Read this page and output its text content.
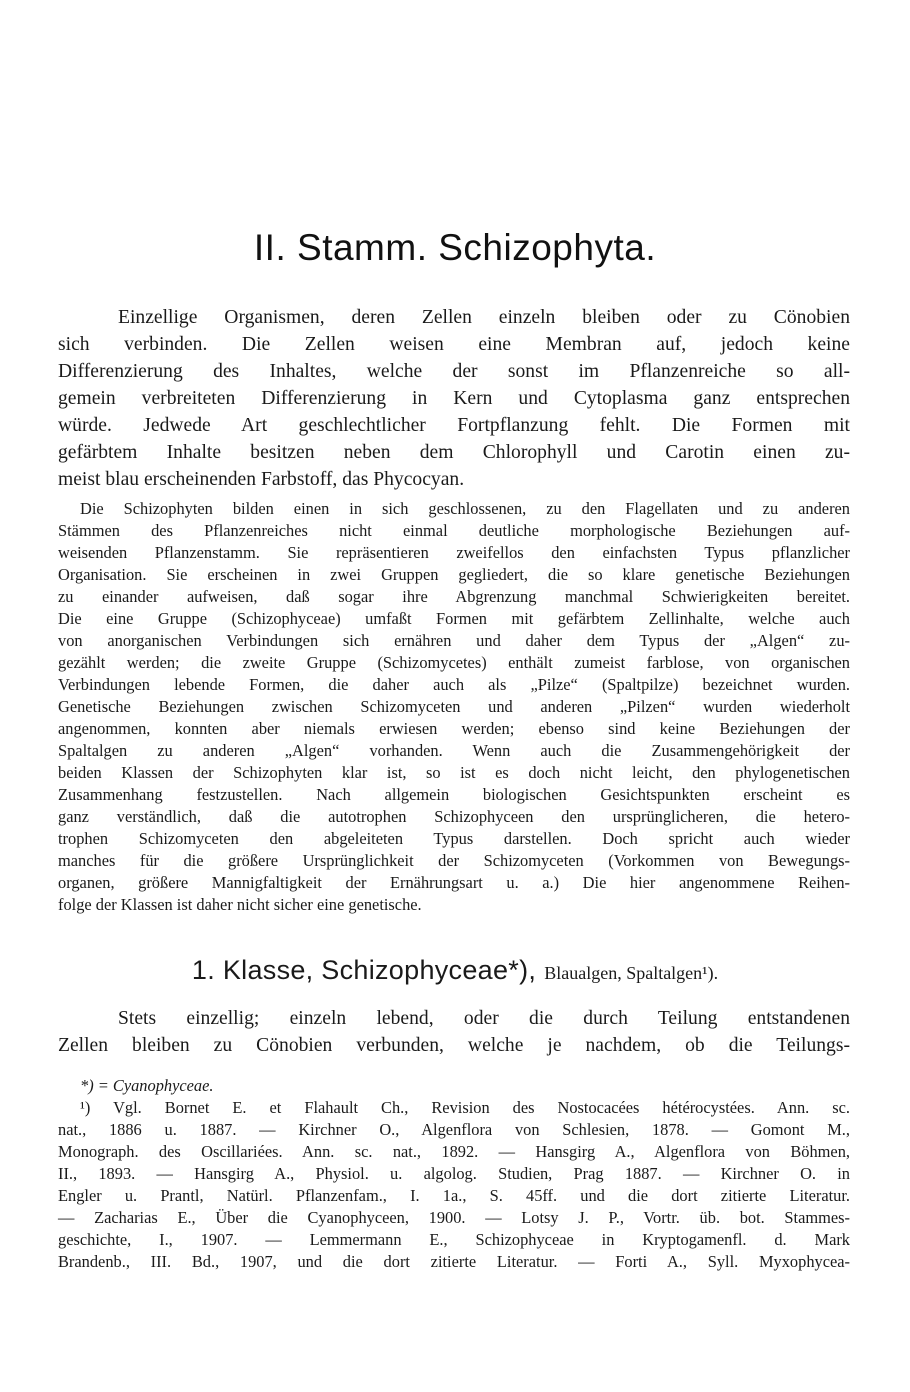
II. Stamm. Schizophyta.
Einzellige Organismen, deren Zellen einzeln bleiben oder zu Cönobien
sich verbinden. Die Zellen weisen eine Membran auf, jedoch keine
Differenzierung des Inhaltes, welche der sonst im Pflanzenreiche so all-
gemein verbreiteten Differenzierung in Kern und Cytoplasma ganz entsprechen
würde. Jedwede Art geschlechtlicher Fortpflanzung fehlt. Die Formen mit
gefärbtem Inhalte besitzen neben dem Chlorophyll und Carotin einen zu-
meist blau erscheinenden Farbstoff, das Phycocyan.
Die Schizophyten bilden einen in sich geschlossenen, zu den Flagellaten und zu anderen
Stämmen des Pflanzenreiches nicht einmal deutliche morphologische Beziehungen auf-
weisenden Pflanzenstamm. Sie repräsentieren zweifellos den einfachsten Typus pflanzlicher
Organisation. Sie erscheinen in zwei Gruppen gegliedert, die so klare genetische Beziehungen
zu einander aufweisen, daß sogar ihre Abgrenzung manchmal Schwierigkeiten bereitet.
Die eine Gruppe (Schizophyceae) umfaßt Formen mit gefärbtem Zellinhalte, welche auch
von anorganischen Verbindungen sich ernähren und daher dem Typus der „Algen“ zu-
gezählt werden; die zweite Gruppe (Schizomycetes) enthält zumeist farblose, von organischen
Verbindungen lebende Formen, die daher auch als „Pilze“ (Spaltpilze) bezeichnet wurden.
Genetische Beziehungen zwischen Schizomyceten und anderen „Pilzen“ wurden wiederholt
angenommen, konnten aber niemals erwiesen werden; ebenso sind keine Beziehungen der
Spaltalgen zu anderen „Algen“ vorhanden. Wenn auch die Zusammengehörigkeit der
beiden Klassen der Schizophyten klar ist, so ist es doch nicht leicht, den phylogenetischen
Zusammenhang festzustellen. Nach allgemein biologischen Gesichtspunkten erscheint es
ganz verständlich, daß die autotrophen Schizophyceen den ursprünglicheren, die hetero-
trophen Schizomyceten den abgeleiteten Typus darstellen. Doch spricht auch wieder
manches für die größere Ursprünglichkeit der Schizomyceten (Vorkommen von Bewegungs-
organen, größere Mannigfaltigkeit der Ernährungsart u. a.) Die hier angenommene Reihen-
folge der Klassen ist daher nicht sicher eine genetische.
1. Klasse, Schizophyceae*), Blaualgen, Spaltalgen¹).
Stets einzellig; einzeln lebend, oder die durch Teilung entstandenen
Zellen bleiben zu Cönobien verbunden, welche je nachdem, ob die Teilungs-
*) = Cyanophyceae.
¹) Vgl. Bornet E. et Flahault Ch., Revision des Nostocacées hétérocystées. Ann. sc.
nat., 1886 u. 1887. — Kirchner O., Algenflora von Schlesien, 1878. — Gomont M.,
Monograph. des Oscillariées. Ann. sc. nat., 1892. — Hansgirg A., Algenflora von Böhmen,
II., 1893. — Hansgirg A., Physiol. u. algolog. Studien, Prag 1887. — Kirchner O. in
Engler u. Prantl, Natürl. Pflanzenfam., I. 1a., S. 45ff. und die dort zitierte Literatur.
— Zacharias E., Über die Cyanophyceen, 1900. — Lotsy J. P., Vortr. üb. bot. Stammes-
geschichte, I., 1907. — Lemmermann E., Schizophyceae in Kryptogamenfl. d. Mark
Brandenb., III. Bd., 1907, und die dort zitierte Literatur. — Forti A., Syll. Myxophycea-
